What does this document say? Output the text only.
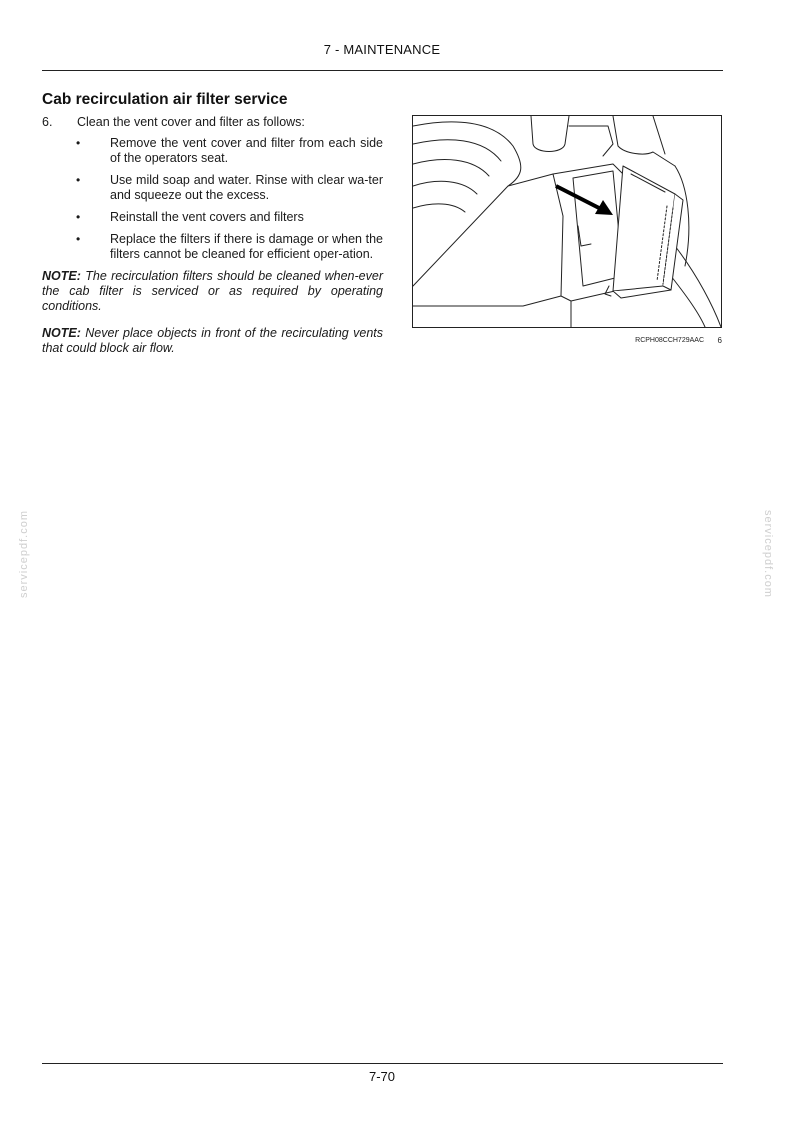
7 - MAINTENANCE
Cab recirculation air filter service
6.	Clean the vent cover and filter as follows:
•	Remove the vent cover and filter from each side of the operators seat.
•	Use mild soap and water. Rinse with clear wa-ter and squeeze out the excess.
•	Reinstall the vent covers and filters
•	Replace the filters if there is damage or when the filters cannot be cleaned for efficient oper-ation.

NOTE: The recirculation filters should be cleaned when-ever the cab filter is serviced or as required by operating conditions.

NOTE: Never place objects in front of the recirculating vents that could block air flow.

RCPH08CCH729AAC 6
servicepdf.com	servicepdf.com
7-70
